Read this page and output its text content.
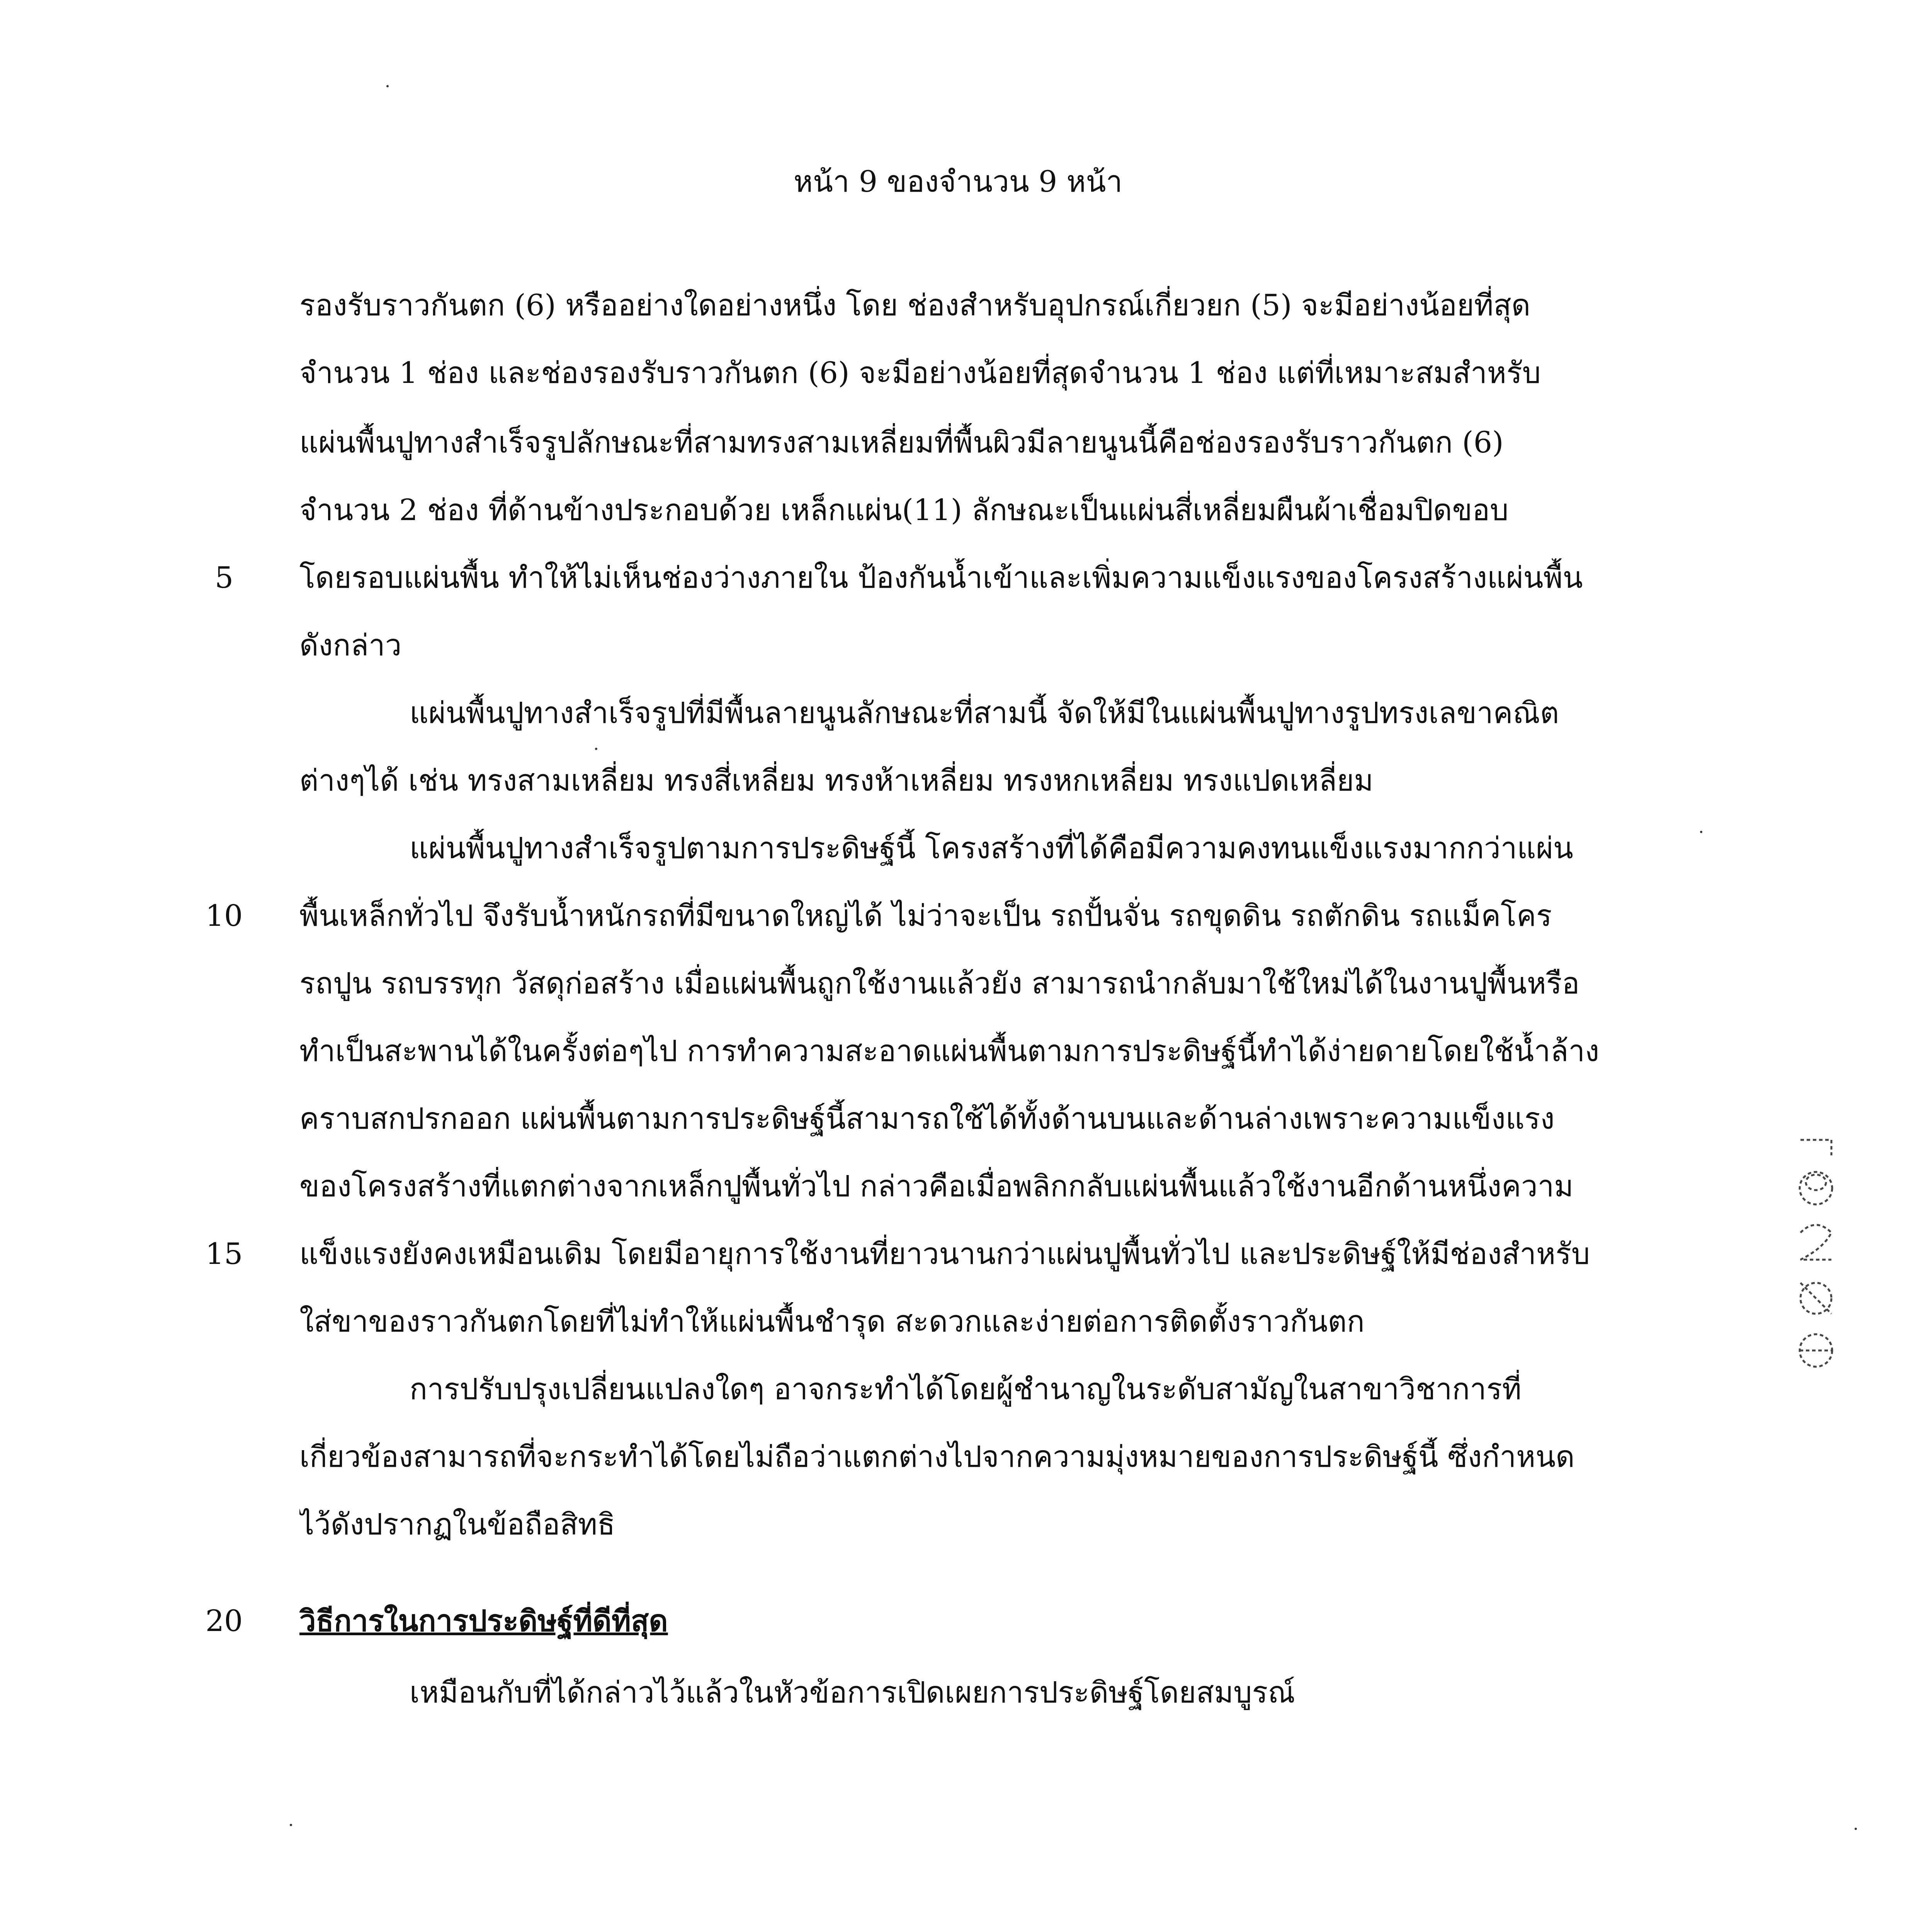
หน้า 9 ของจำนวน 9 หน้า
รองรับราวกันตก (6) หรืออย่างใดอย่างหนึ่ง โดย ช่องสำหรับอุปกรณ์เกี่ยวยก (5) จะมีอย่างน้อยที่สุด
จำนวน 1 ช่อง และช่องรองรับราวกันตก (6) จะมีอย่างน้อยที่สุดจำนวน 1 ช่อง แต่ที่เหมาะสมสำหรับ
แผ่นพื้นปูทางสำเร็จรูปลักษณะที่สามทรงสามเหลี่ยมที่พื้นผิวมีลายนูนนี้คือช่องรองรับราวกันตก (6)
จำนวน 2 ช่อง ที่ด้านข้างประกอบด้วย เหล็กแผ่น(11) ลักษณะเป็นแผ่นสี่เหลี่ยมผืนผ้าเชื่อมปิดขอบ
โดยรอบแผ่นพื้น ทำให้ไม่เห็นช่องว่างภายใน ป้องกันน้ำเข้าและเพิ่มความแข็งแรงของโครงสร้างแผ่นพื้น
ดังกล่าว
แผ่นพื้นปูทางสำเร็จรูปที่มีพื้นลายนูนลักษณะที่สามนี้ จัดให้มีในแผ่นพื้นปูทางรูปทรงเลขาคณิต
ต่างๆได้ เช่น ทรงสามเหลี่ยม ทรงสี่เหลี่ยม ทรงห้าเหลี่ยม ทรงหกเหลี่ยม ทรงแปดเหลี่ยม
แผ่นพื้นปูทางสำเร็จรูปตามการประดิษฐ์นี้ โครงสร้างที่ได้คือมีความคงทนแข็งแรงมากกว่าแผ่น
พื้นเหล็กทั่วไป จึงรับน้ำหนักรถที่มีขนาดใหญ่ได้ ไม่ว่าจะเป็น รถปั้นจั่น รถขุดดิน รถตักดิน รถแม็คโคร
รถปูน รถบรรทุก วัสดุก่อสร้าง เมื่อแผ่นพื้นถูกใช้งานแล้วยัง สามารถนำกลับมาใช้ใหม่ได้ในงานปูพื้นหรือ
ทำเป็นสะพานได้ในครั้งต่อๆไป การทำความสะอาดแผ่นพื้นตามการประดิษฐ์นี้ทำได้ง่ายดายโดยใช้น้ำล้าง
คราบสกปรกออก แผ่นพื้นตามการประดิษฐ์นี้สามารถใช้ได้ทั้งด้านบนและด้านล่างเพราะความแข็งแรง
ของโครงสร้างที่แตกต่างจากเหล็กปูพื้นทั่วไป กล่าวคือเมื่อพลิกกลับแผ่นพื้นแล้วใช้งานอีกด้านหนึ่งความ
แข็งแรงยังคงเหมือนเดิม โดยมีอายุการใช้งานที่ยาวนานกว่าแผ่นปูพื้นทั่วไป และประดิษฐ์ให้มีช่องสำหรับ
ใส่ขาของราวกันตกโดยที่ไม่ทำให้แผ่นพื้นชำรุด สะดวกและง่ายต่อการติดตั้งราวกันตก
การปรับปรุงเปลี่ยนแปลงใดๆ อาจกระทำได้โดยผู้ชำนาญในระดับสามัญในสาขาวิชาการที่
เกี่ยวข้องสามารถที่จะกระทำได้โดยไม่ถือว่าแตกต่างไปจากความมุ่งหมายของการประดิษฐ์นี้ ซึ่งกำหนด
ไว้ดังปรากฏในข้อถือสิทธิ
วิธีการในการประดิษฐ์ที่ดีที่สุด
เหมือนกับที่ได้กล่าวไว้แล้วในหัวข้อการเปิดเผยการประดิษฐ์โดยสมบูรณ์
5
10
15
20
